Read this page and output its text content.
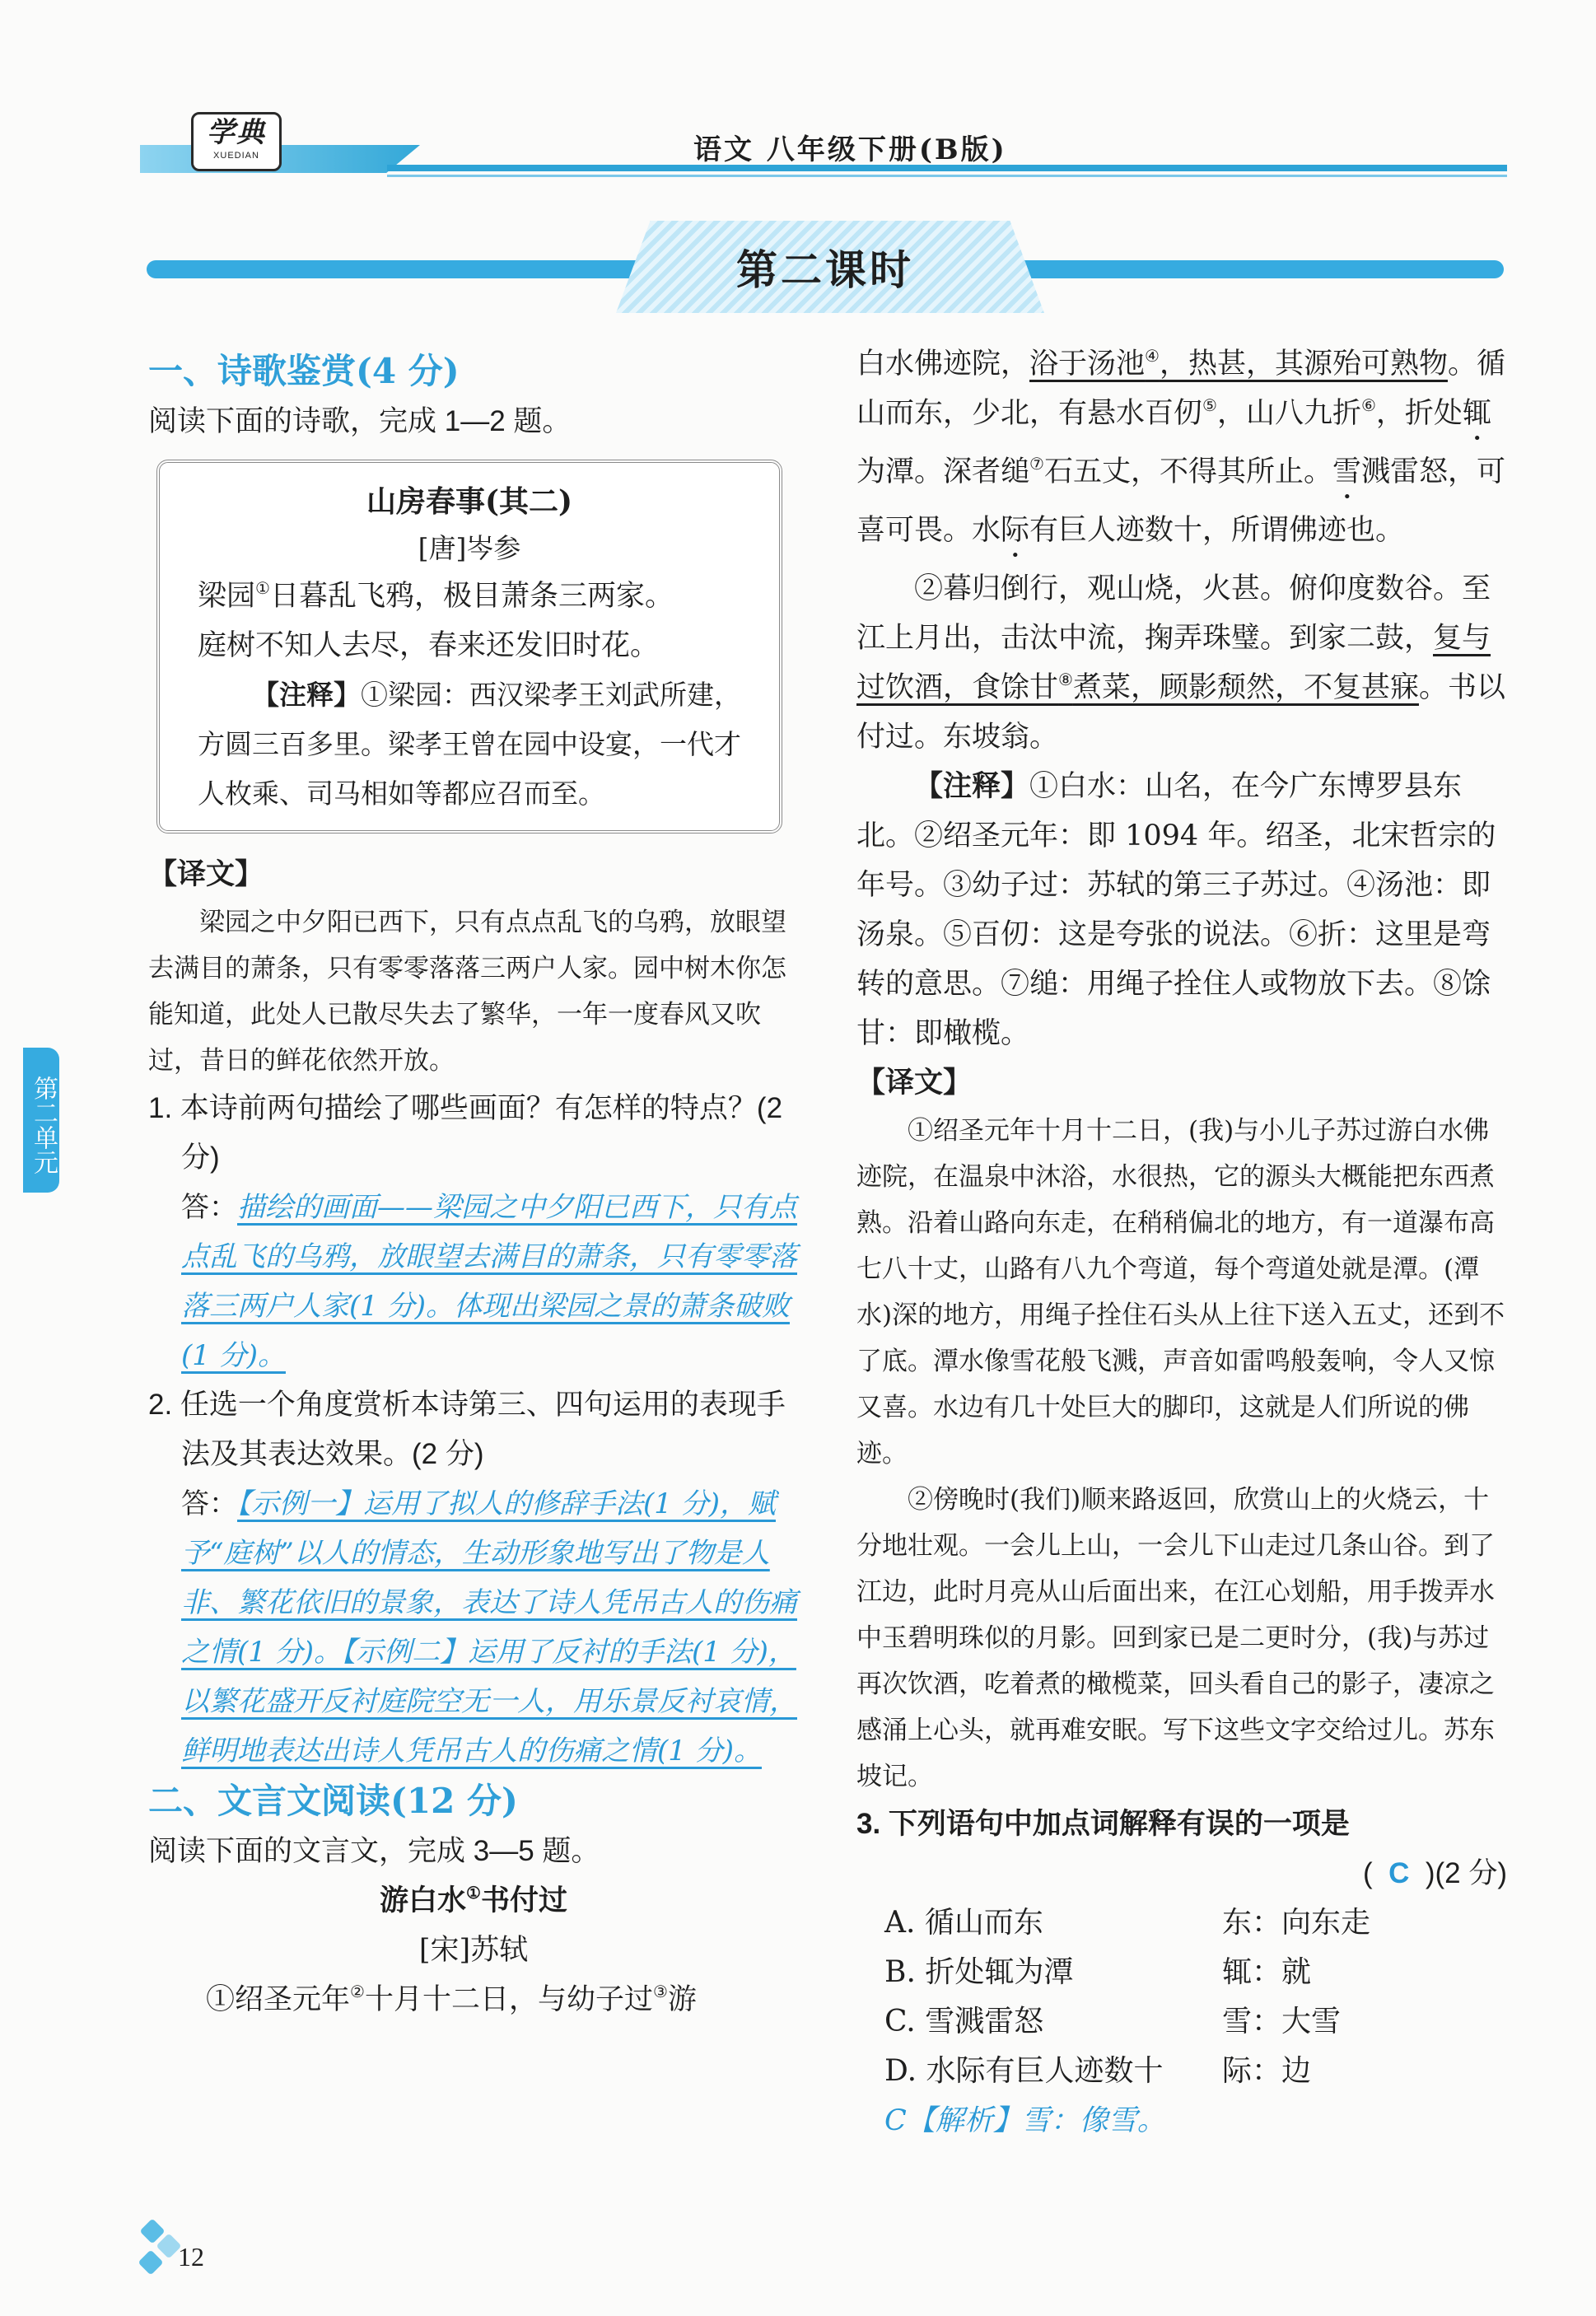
学典
XUEDIAN	语文 八年级下册(B版)
第二课时
第二单元

一、诗歌鉴赏(4 分)

阅读下面的诗歌，完成 1—2 题。

山房春事(其二)

[唐]岑参

梁园①日暮乱飞鸦，极目萧条三两家。

庭树不知人去尽，春来还发旧时花。

【注释】①梁园：西汉梁孝王刘武所建，方圆三百多里。梁孝王曾在园中设宴，一代才人枚乘、司马相如等都应召而至。

【译文】

梁园之中夕阳已西下，只有点点乱飞的乌鸦，放眼望去满目的萧条，只有零零落落三两户人家。园中树木你怎能知道，此处人已散尽失去了繁华，一年一度春风又吹过，昔日的鲜花依然开放。

1. 本诗前两句描绘了哪些画面？有怎样的特点？(2 分)

答：描绘的画面——梁园之中夕阳已西下，只有点点乱飞的乌鸦，放眼望去满目的萧条，只有零零落落三两户人家(1 分)。体现出梁园之景的萧条破败(1 分)。

2. 任选一个角度赏析本诗第三、四句运用的表现手法及其表达效果。(2 分)

答：【示例一】运用了拟人的修辞手法(1 分)，赋予“庭树”以人的情态，生动形象地写出了物是人非、繁花依旧的景象，表达了诗人凭吊古人的伤痛之情(1 分)。【示例二】运用了反衬的手法(1 分)，以繁花盛开反衬庭院空无一人，用乐景反衬哀情，鲜明地表达出诗人凭吊古人的伤痛之情(1 分)。

二、文言文阅读(12 分)

阅读下面的文言文，完成 3—5 题。

游白水①书付过

[宋]苏轼

①绍圣元年②十月十二日，与幼子过③游

白水佛迹院，浴于汤池④，热甚，其源殆可熟物。循山而东，少北，有悬水百仞⑤，山八九折⑥，折处辄为潭。深者缒⑦石五丈，不得其所止。雪溅雷怒，可喜可畏。水际有巨人迹数十，所谓佛迹也。

②暮归倒行，观山烧，火甚。俯仰度数谷。至江上月出，击汰中流，掬弄珠璧。到家二鼓，复与过饮酒，食馀甘⑧煮菜，顾影颓然，不复甚寐。书以付过。东坡翁。

【注释】①白水：山名，在今广东博罗县东北。②绍圣元年：即 1094 年。绍圣，北宋哲宗的年号。③幼子过：苏轼的第三子苏过。④汤池：即汤泉。⑤百仞：这是夸张的说法。⑥折：这里是弯转的意思。⑦缒：用绳子拴住人或物放下去。⑧馀甘：即橄榄。

【译文】

①绍圣元年十月十二日，(我)与小儿子苏过游白水佛迹院，在温泉中沐浴，水很热，它的源头大概能把东西煮熟。沿着山路向东走，在稍稍偏北的地方，有一道瀑布高七八十丈，山路有八九个弯道，每个弯道处就是潭。(潭水)深的地方，用绳子拴住石头从上往下送入五丈，还到不了底。潭水像雪花般飞溅，声音如雷鸣般轰响，令人又惊又喜。水边有几十处巨大的脚印，这就是人们所说的佛迹。

②傍晚时(我们)顺来路返回，欣赏山上的火烧云，十分地壮观。一会儿上山，一会儿下山走过几条山谷。到了江边，此时月亮从山后面出来，在江心划船，用手拨弄水中玉碧明珠似的月影。回到家已是二更时分，(我)与苏过再次饮酒，吃着煮的橄榄菜，回头看自己的影子，凄凉之感涌上心头，就再难安眠。写下这些文字交给过儿。苏东坡记。

3. 下列语句中加点词解释有误的一项是

( C )(2 分)

A. 循山而东	东：向东走
B. 折处辄为潭	辄：就
C. 雪溅雷怒	雪：大雪
D. 水际有巨人迹数十	际：边

C【解析】雪：像雪。

12
